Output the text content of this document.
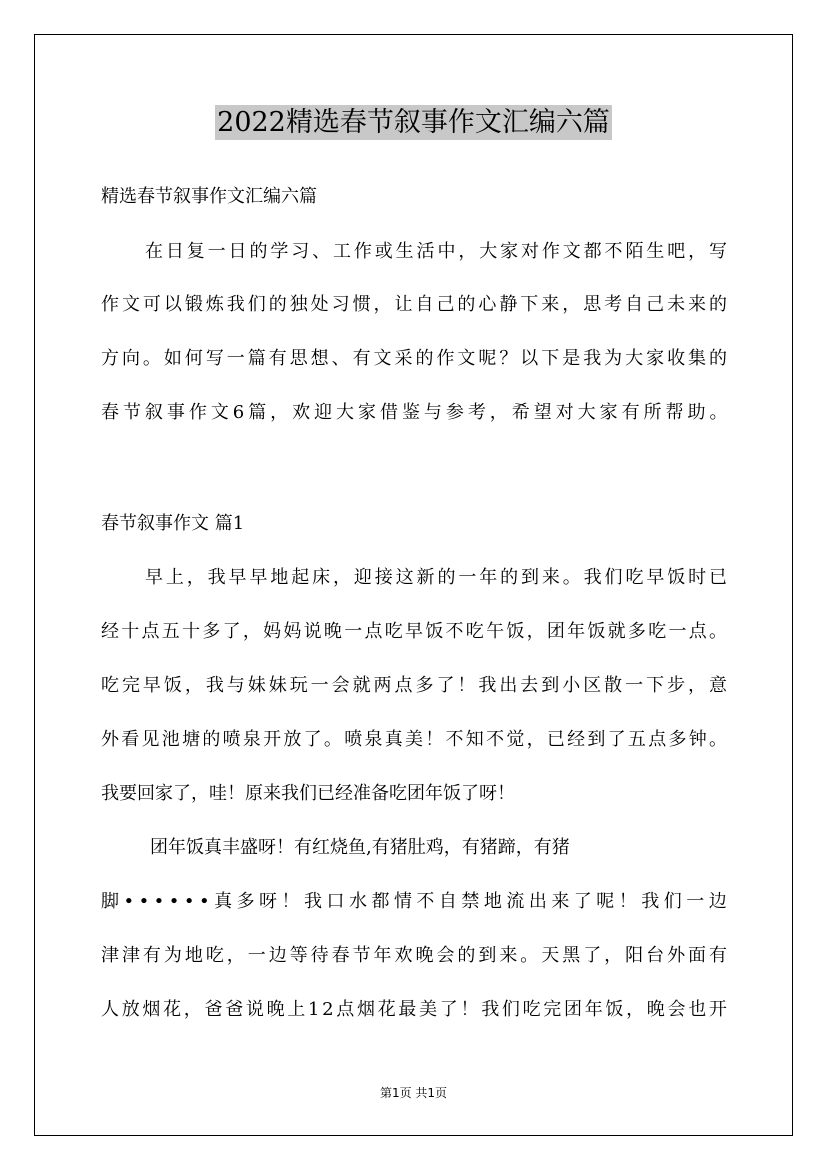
2022精选春节叙事作文汇编六篇
精选春节叙事作文汇编六篇
在日复一日的学习、工作或生活中，大家对作文都不陌生吧，写
作文可以锻炼我们的独处习惯，让自己的心静下来，思考自己未来的
方向。如何写一篇有思想、有文采的作文呢？以下是我为大家收集的
春节叙事作文6篇，欢迎大家借鉴与参考，希望对大家有所帮助。
春节叙事作文 篇1
早上，我早早地起床，迎接这新的一年的到来。我们吃早饭时已
经十点五十多了，妈妈说晚一点吃早饭不吃午饭，团年饭就多吃一点。
吃完早饭，我与妹妹玩一会就两点多了！我出去到小区散一下步，意
外看见池塘的喷泉开放了。喷泉真美！不知不觉，已经到了五点多钟。
我要回家了，哇！原来我们已经准备吃团年饭了呀！
团年饭真丰盛呀！有红烧鱼,有猪肚鸡，有猪蹄，有猪
脚••••••真多呀！我口水都情不自禁地流出来了呢！我们一边
津津有为地吃，一边等待春节年欢晚会的到来。天黑了，阳台外面有
人放烟花，爸爸说晚上12点烟花最美了！我们吃完团年饭，晚会也开
第1页 共1页
